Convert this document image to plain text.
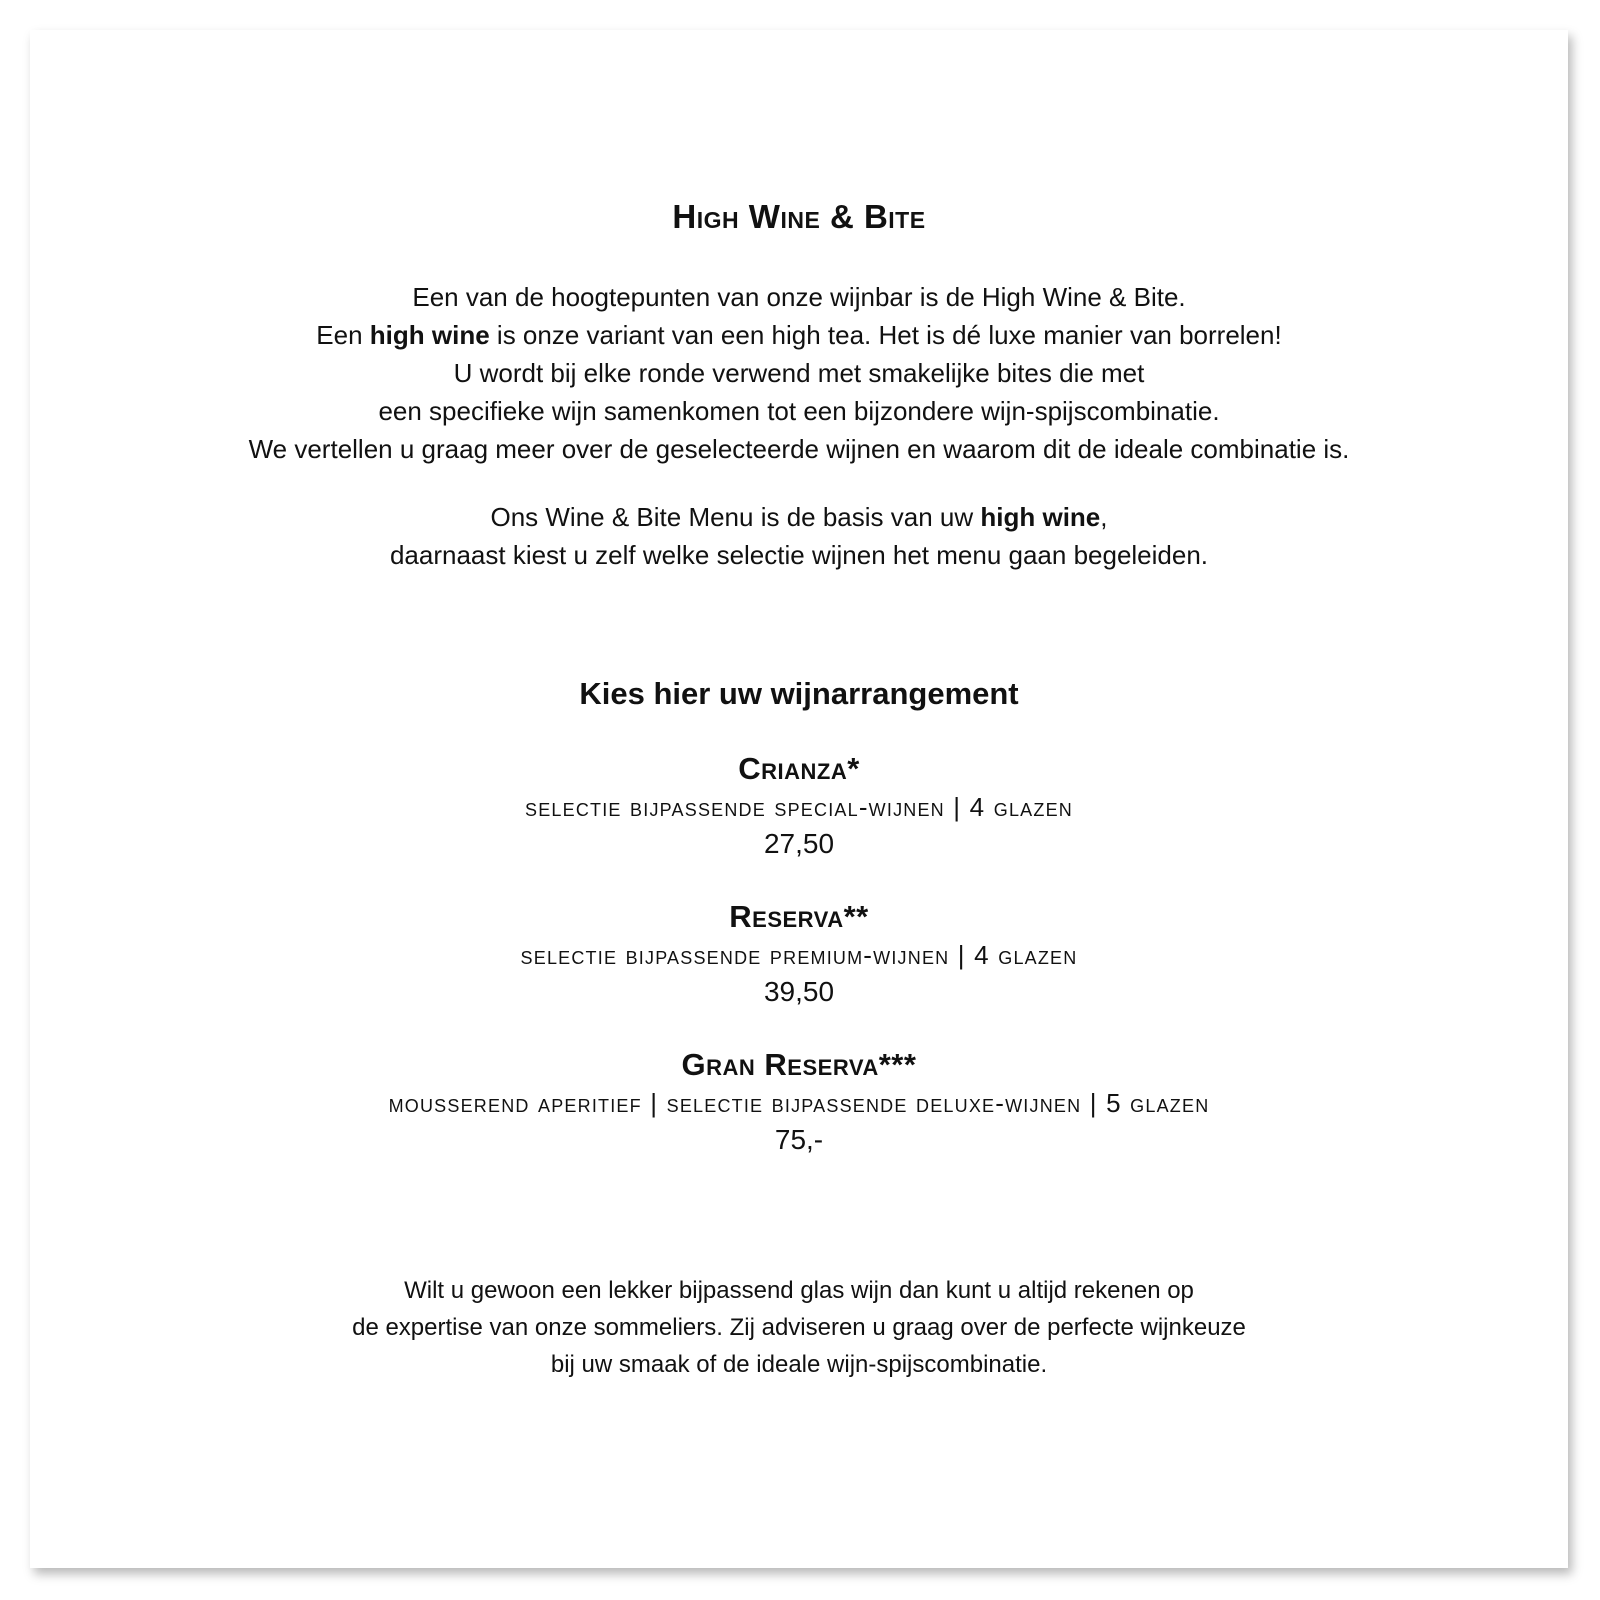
High Wine & Bite

Een van de hoogtepunten van onze wijnbar is de High Wine & Bite.
Een high wine is onze variant van een high tea. Het is dé luxe manier van borrelen!
U wordt bij elke ronde verwend met smakelijke bites die met
een specifieke wijn samenkomen tot een bijzondere wijn-spijscombinatie.
We vertellen u graag meer over de geselecteerde wijnen en waarom dit de ideale combinatie is.

Ons Wine & Bite Menu is de basis van uw high wine,
daarnaast kiest u zelf welke selectie wijnen het menu gaan begeleiden.

Kies hier uw wijnarrangement
Crianza*
selectie bijpassende special-wijnen | 4 glazen
27,50
Reserva**
selectie bijpassende premium-wijnen | 4 glazen
39,50
Gran Reserva***
mousserend aperitief | selectie bijpassende deluxe-wijnen | 5 glazen
75,-

Wilt u gewoon een lekker bijpassend glas wijn dan kunt u altijd rekenen op
de expertise van onze sommeliers. Zij adviseren u graag over de perfecte wijnkeuze
bij uw smaak of de ideale wijn-spijscombinatie.
